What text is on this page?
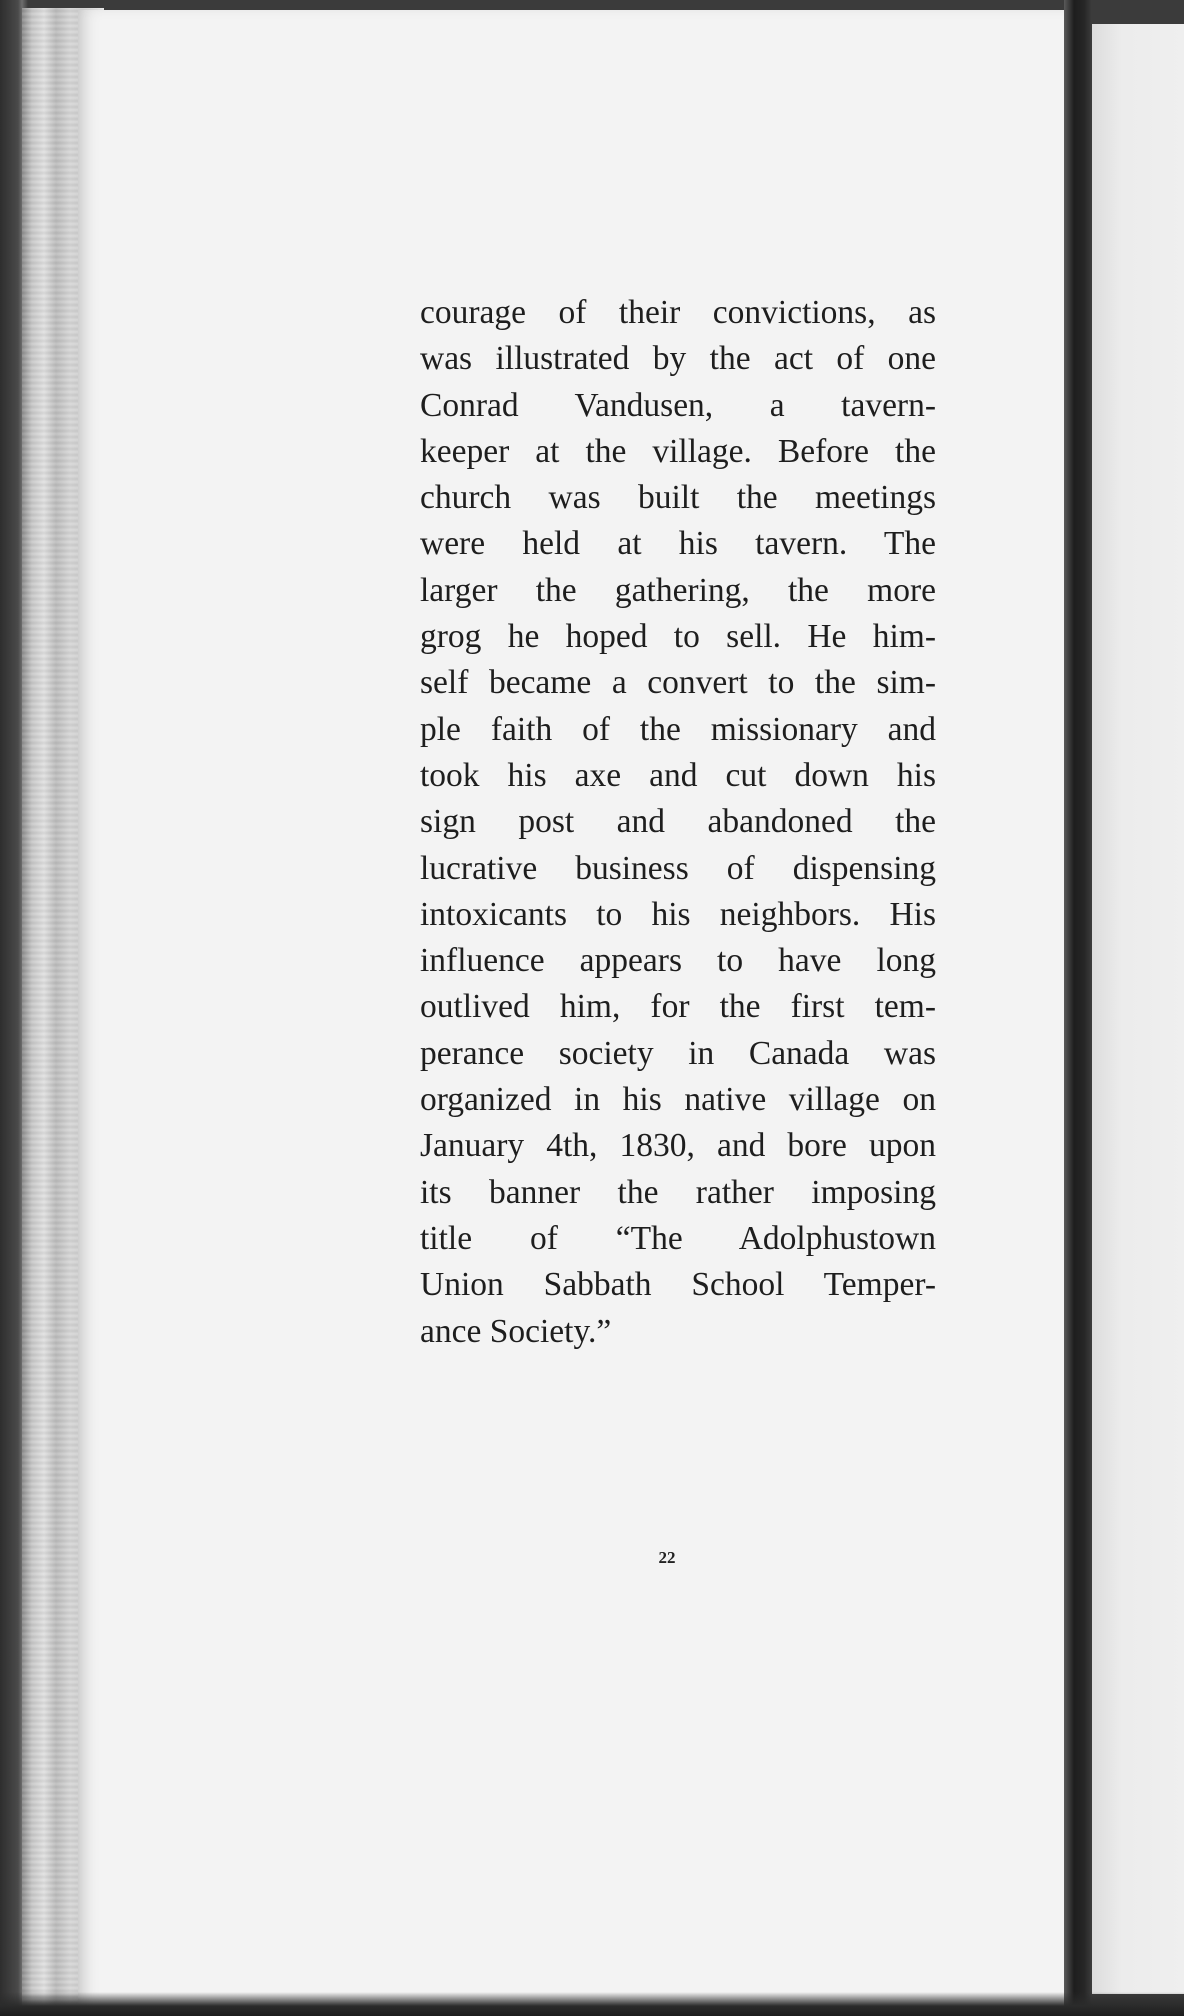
courage of their convictions, as
was illustrated by the act of one
Conrad Vandusen, a tavern-
keeper at the village. Before the
church was built the meetings
were held at his tavern. The
larger the gathering, the more
grog he hoped to sell. He him-
self became a convert to the sim-
ple faith of the missionary and
took his axe and cut down his
sign post and abandoned the
lucrative business of dispensing
intoxicants to his neighbors. His
influence appears to have long
outlived him, for the first tem-
perance society in Canada was
organized in his native village on
January 4th, 1830, and bore upon
its banner the rather imposing
title of “The Adolphustown
Union Sabbath School Temper-
ance Society.”
22
